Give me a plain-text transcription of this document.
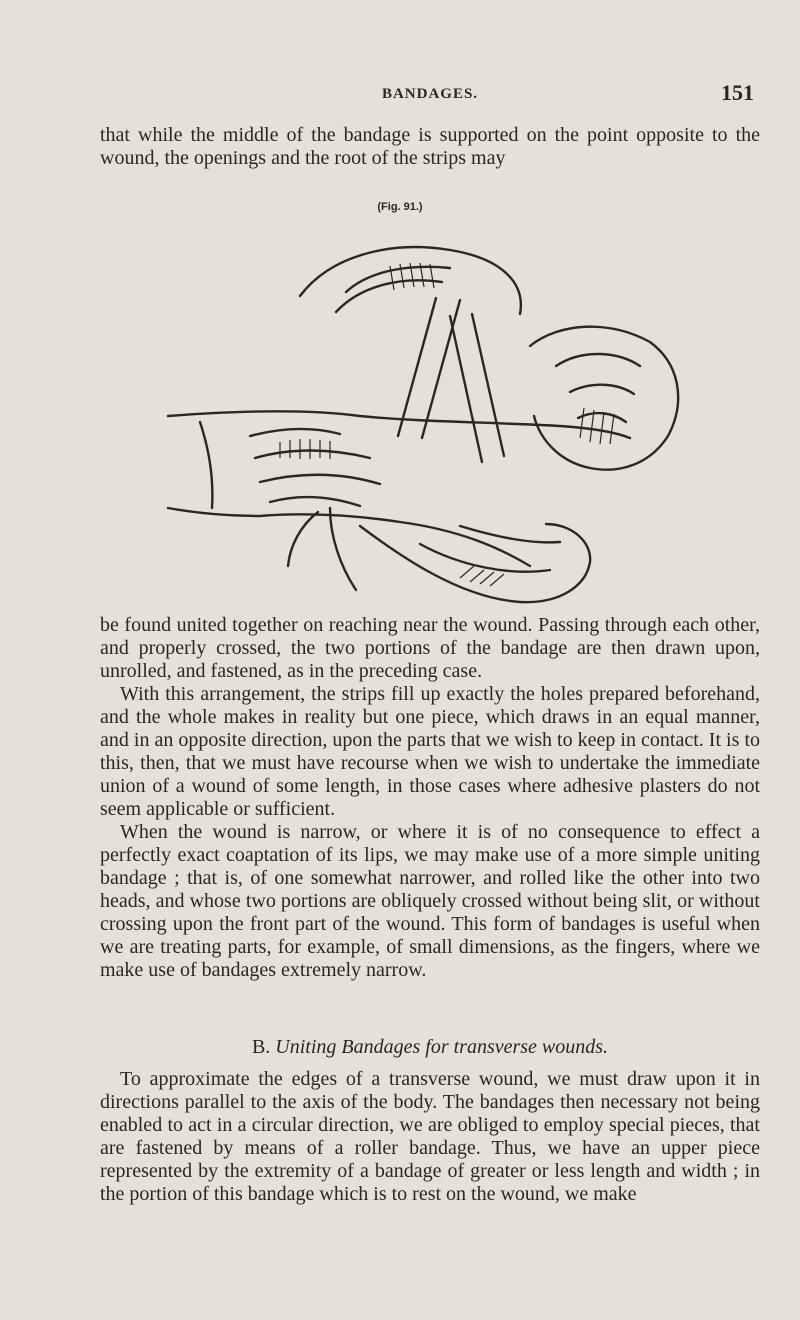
BANDAGES.	151

that while the middle of the bandage is supported on the point opposite to the wound, the openings and the root of the strips may

(Fig. 91.)

be found united together on reaching near the wound. Passing through each other, and properly crossed, the two portions of the bandage are then drawn upon, unrolled, and fastened, as in the preceding case.

With this arrangement, the strips fill up exactly the holes prepared beforehand, and the whole makes in reality but one piece, which draws in an equal manner, and in an opposite direction, upon the parts that we wish to keep in contact. It is to this, then, that we must have recourse when we wish to undertake the immediate union of a wound of some length, in those cases where adhesive plasters do not seem applicable or sufficient.

When the wound is narrow, or where it is of no consequence to effect a perfectly exact coaptation of its lips, we may make use of a more simple uniting bandage ; that is, of one somewhat narrower, and rolled like the other into two heads, and whose two portions are obliquely crossed without being slit, or without crossing upon the front part of the wound. This form of bandages is useful when we are treating parts, for example, of small dimensions, as the fingers, where we make use of bandages extremely narrow.

B. Uniting Bandages for transverse wounds.

To approximate the edges of a transverse wound, we must draw upon it in directions parallel to the axis of the body. The bandages then necessary not being enabled to act in a circular direction, we are obliged to employ special pieces, that are fastened by means of a roller bandage. Thus, we have an upper piece represented by the extremity of a bandage of greater or less length and width ; in the portion of this bandage which is to rest on the wound, we make
